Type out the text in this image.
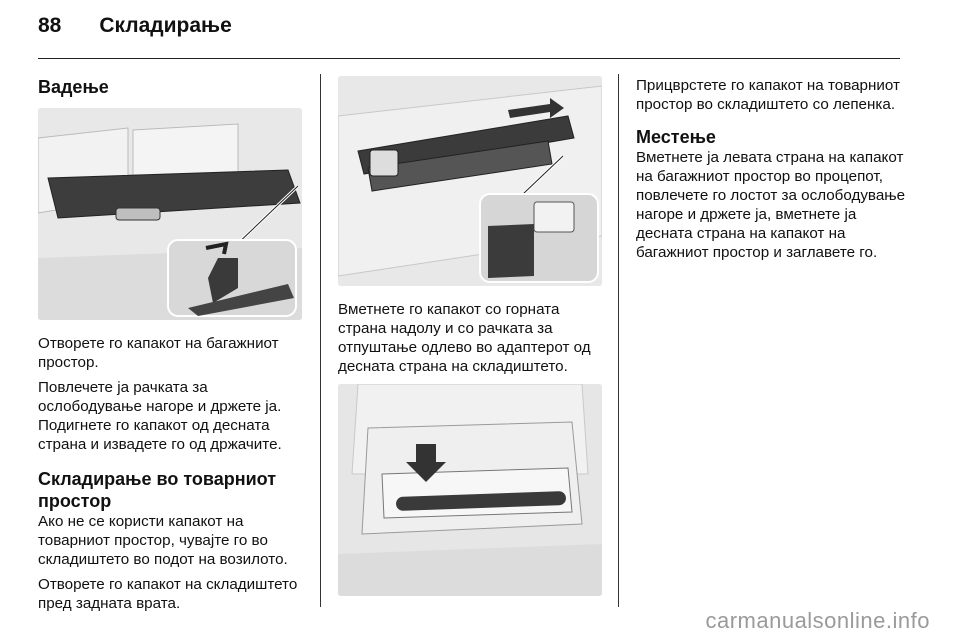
88 Складирање
Вадење

Отворете го капакот на багажниот простор.

Повлечете ја рачката за ослободување нагоре и држете ја. Подигнете го капакот од десната страна и извадете го од држачите.

Складирање во товарниот простор

Ако не се користи капакот на товарниот простор, чувајте го во складиштето во подот на возилото.

Отворете го капакот на складиштето пред задната врата.

Вметнете го капакот со горната страна надолу и со рачката за отпуштање одлево во адаптерот од десната страна на складиштето.

Прицврстете го капакот на товарниот простор во складиштето со лепенка.

Местење

Вметнете ја левата страна на капакот на багажниот простор во процепот, повлечете го лостот за ослободување нагоре и држете ја, вметнете ја десната страна на капакот на багажниот простор и заглавете го.

carmanualsonline.info
